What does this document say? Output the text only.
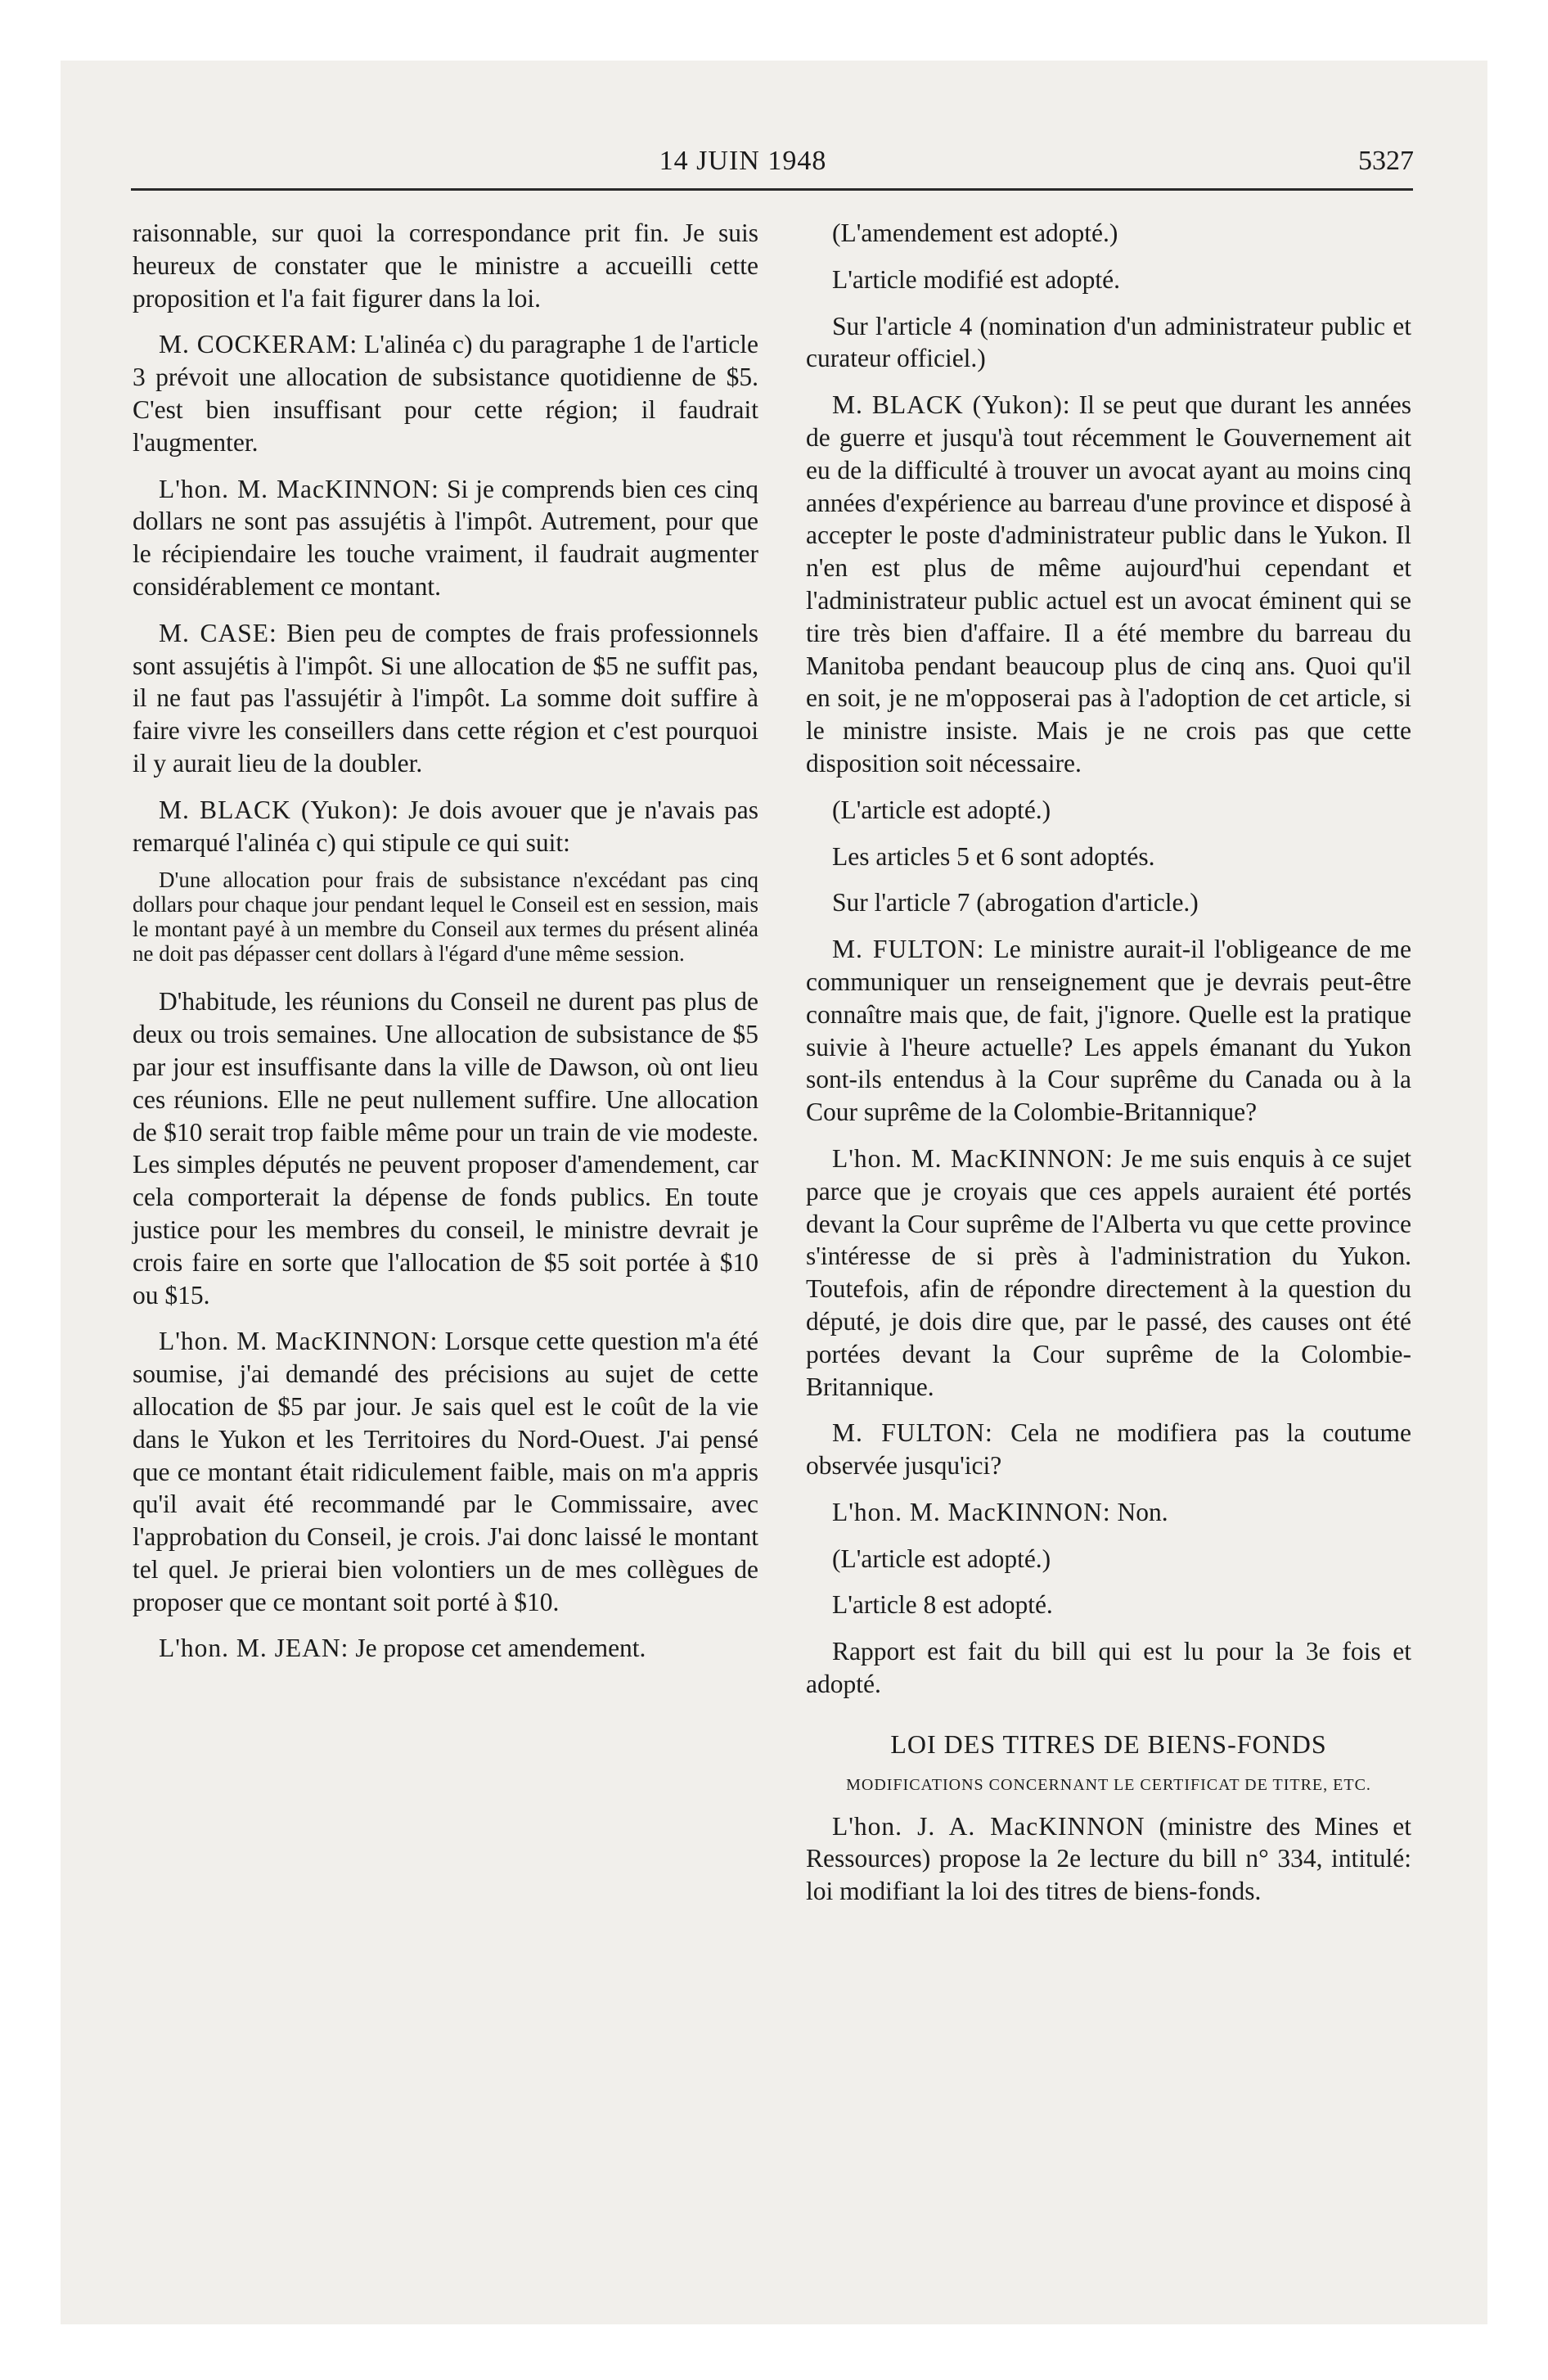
14 JUIN 1948	5327

raisonnable, sur quoi la correspondance prit fin. Je suis heureux de constater que le ministre a accueilli cette proposition et l'a fait figurer dans la loi.

M. COCKERAM: L'alinéa c) du paragraphe 1 de l'article 3 prévoit une allocation de subsistance quotidienne de $5. C'est bien insuffisant pour cette région; il faudrait l'augmenter.

L'hon. M. MacKINNON: Si je comprends bien ces cinq dollars ne sont pas assujétis à l'impôt. Autrement, pour que le récipiendaire les touche vraiment, il faudrait augmenter considérablement ce montant.

M. CASE: Bien peu de comptes de frais professionnels sont assujétis à l'impôt. Si une allocation de $5 ne suffit pas, il ne faut pas l'assujétir à l'impôt. La somme doit suffire à faire vivre les conseillers dans cette région et c'est pourquoi il y aurait lieu de la doubler.

M. BLACK (Yukon): Je dois avouer que je n'avais pas remarqué l'alinéa c) qui stipule ce qui suit:

D'une allocation pour frais de subsistance n'excédant pas cinq dollars pour chaque jour pendant lequel le Conseil est en session, mais le montant payé à un membre du Conseil aux termes du présent alinéa ne doit pas dépasser cent dollars à l'égard d'une même session.

D'habitude, les réunions du Conseil ne durent pas plus de deux ou trois semaines. Une allocation de subsistance de $5 par jour est insuffisante dans la ville de Dawson, où ont lieu ces réunions. Elle ne peut nullement suffire. Une allocation de $10 serait trop faible même pour un train de vie modeste. Les simples députés ne peuvent proposer d'amendement, car cela comporterait la dépense de fonds publics. En toute justice pour les membres du conseil, le ministre devrait je crois faire en sorte que l'allocation de $5 soit portée à $10 ou $15.

L'hon. M. MacKINNON: Lorsque cette question m'a été soumise, j'ai demandé des précisions au sujet de cette allocation de $5 par jour. Je sais quel est le coût de la vie dans le Yukon et les Territoires du Nord-Ouest. J'ai pensé que ce montant était ridiculement faible, mais on m'a appris qu'il avait été recommandé par le Commissaire, avec l'approbation du Conseil, je crois. J'ai donc laissé le montant tel quel. Je prierai bien volontiers un de mes collègues de proposer que ce montant soit porté à $10.

L'hon. M. JEAN: Je propose cet amendement.

(L'amendement est adopté.)

L'article modifié est adopté.

Sur l'article 4 (nomination d'un administrateur public et curateur officiel.)

M. BLACK (Yukon): Il se peut que durant les années de guerre et jusqu'à tout récemment le Gouvernement ait eu de la difficulté à trouver un avocat ayant au moins cinq années d'expérience au barreau d'une province et disposé à accepter le poste d'administrateur public dans le Yukon. Il n'en est plus de même aujourd'hui cependant et l'administrateur public actuel est un avocat éminent qui se tire très bien d'affaire. Il a été membre du barreau du Manitoba pendant beaucoup plus de cinq ans. Quoi qu'il en soit, je ne m'opposerai pas à l'adoption de cet article, si le ministre insiste. Mais je ne crois pas que cette disposition soit nécessaire.

(L'article est adopté.)

Les articles 5 et 6 sont adoptés.

Sur l'article 7 (abrogation d'article.)

M. FULTON: Le ministre aurait-il l'obligeance de me communiquer un renseignement que je devrais peut-être connaître mais que, de fait, j'ignore. Quelle est la pratique suivie à l'heure actuelle? Les appels émanant du Yukon sont-ils entendus à la Cour suprême du Canada ou à la Cour suprême de la Colombie-Britannique?

L'hon. M. MacKINNON: Je me suis enquis à ce sujet parce que je croyais que ces appels auraient été portés devant la Cour suprême de l'Alberta vu que cette province s'intéresse de si près à l'administration du Yukon. Toutefois, afin de répondre directement à la question du député, je dois dire que, par le passé, des causes ont été portées devant la Cour suprême de la Colombie-Britannique.

M. FULTON: Cela ne modifiera pas la coutume observée jusqu'ici?

L'hon. M. MacKINNON: Non.

(L'article est adopté.)

L'article 8 est adopté.

Rapport est fait du bill qui est lu pour la 3e fois et adopté.

LOI DES TITRES DE BIENS-FONDS
MODIFICATIONS CONCERNANT LE CERTIFICAT DE TITRE, ETC.

L'hon. J. A. MacKINNON (ministre des Mines et Ressources) propose la 2e lecture du bill n° 334, intitulé: loi modifiant la loi des titres de biens-fonds.
